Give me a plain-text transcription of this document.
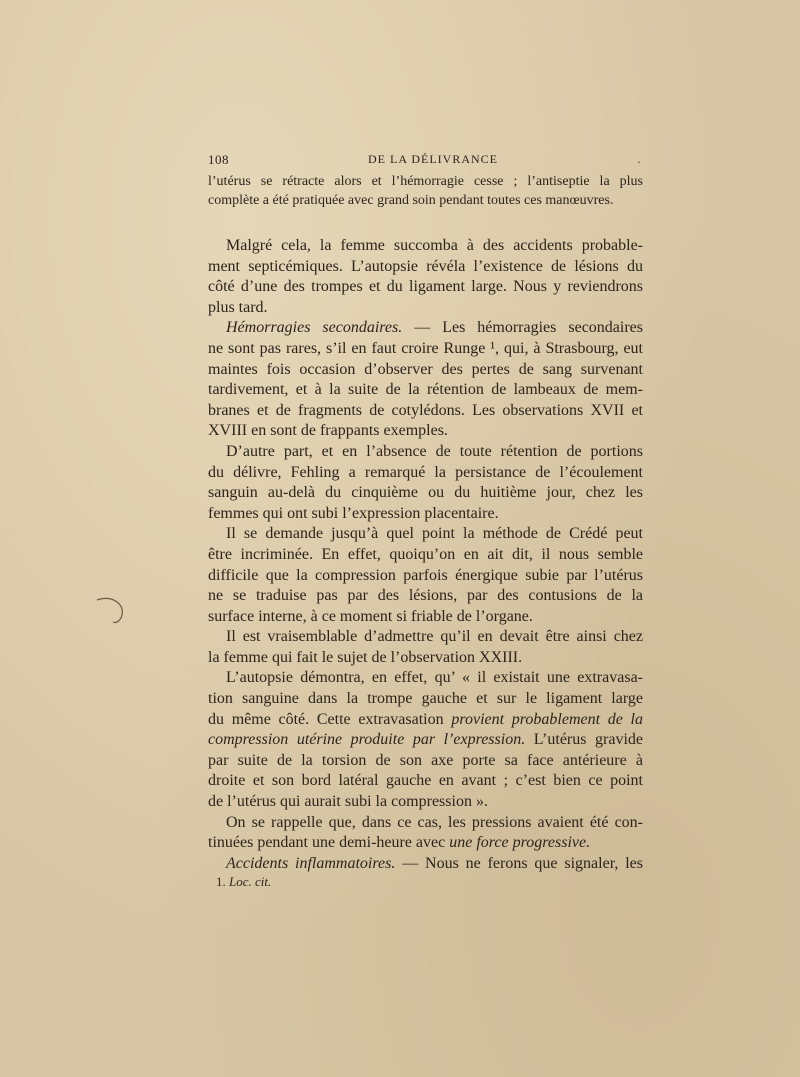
108	DE LA DÉLIVRANCE	·
l’utérus se rétracte alors et l’hémorragie cesse ; l’antiseptie la plus
complète a été pratiquée avec grand soin pendant toutes ces manœuvres.
Malgré cela, la femme succomba à des accidents probable-
ment septicémiques. L’autopsie révéla l’existence de lésions du
côté d’une des trompes et du ligament large. Nous y reviendrons
plus tard.
Hémorragies secondaires. — Les hémorragies secondaires
ne sont pas rares, s’il en faut croire Runge ¹, qui, à Strasbourg, eut
maintes fois occasion d’observer des pertes de sang survenant
tardivement, et à la suite de la rétention de lambeaux de mem-
branes et de fragments de cotylédons. Les observations XVII et
XVIII en sont de frappants exemples.
D’autre part, et en l’absence de toute rétention de portions
du délivre, Fehling a remarqué la persistance de l’écoulement
sanguin au-delà du cinquième ou du huitième jour, chez les
femmes qui ont subi l’expression placentaire.
Il se demande jusqu’à quel point la méthode de Crédé peut
être incriminée. En effet, quoiqu’on en ait dit, il nous semble
difficile que la compression parfois énergique subie par l’utérus
ne se traduise pas par des lésions, par des contusions de la
surface interne, à ce moment si friable de l’organe.
Il est vraisemblable d’admettre qu’il en devait être ainsi chez
la femme qui fait le sujet de l’observation XXIII.
L’autopsie démontra, en effet, qu’ « il existait une extravasa-
tion sanguine dans la trompe gauche et sur le ligament large
du même côté. Cette extravasation provient probablement de la
compression utérine produite par l’expression. L’utérus gravide
par suite de la torsion de son axe porte sa face antérieure à
droite et son bord latéral gauche en avant ; c’est bien ce point
de l’utérus qui aurait subi la compression ».
On se rappelle que, dans ce cas, les pressions avaient été con-
tinuées pendant une demi-heure avec une force progressive.
Accidents inflammatoires. — Nous ne ferons que signaler, les
1. Loc. cit.
